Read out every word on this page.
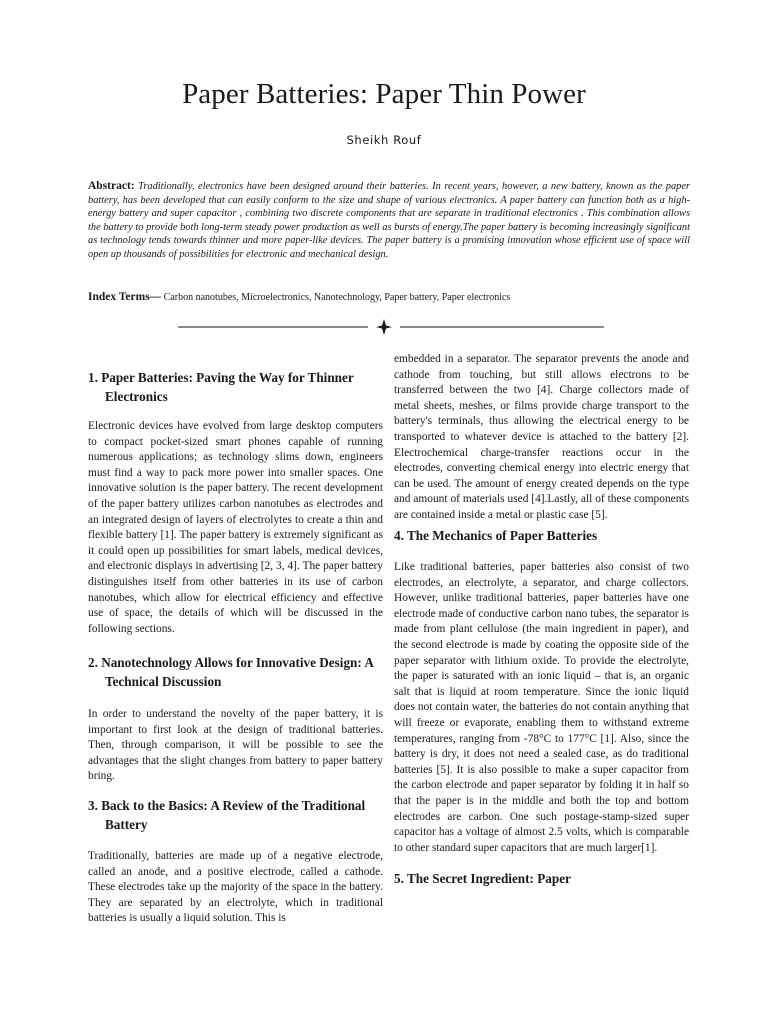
Paper Batteries: Paper Thin Power
Sheikh Rouf

Abstract: Traditionally, electronics have been designed around their batteries. In recent years, however, a new battery, known as the paper battery, has been developed that can easily conform to the size and shape of various electronics. A paper battery can function both as a high-energy battery and super capacitor , combining two discrete components that are separate in traditional electronics . This combination allows the battery to provide both long-term steady power production as well as bursts of energy.The paper battery is becoming increasingly significant as technology tends towards thinner and more paper-like devices. The paper battery is a promising innovation whose efficient use of space will open up thousands of possibilities for electronic and mechanical design.

Index Terms— Carbon nanotubes, Microelectronics, Nanotechnology, Paper battery, Paper electronics

1. Paper Batteries: Paving the Way for Thinner Electronics

Electronic devices have evolved from large desktop computers to compact pocket-sized smart phones capable of running numerous applications; as technology slims down, engineers must find a way to pack more power into smaller spaces. One innovative solution is the paper battery. The recent development of the paper battery utilizes carbon nanotubes as electrodes and an integrated design of layers of electrolytes to create a thin and flexible battery [1]. The paper battery is extremely significant as it could open up possibilities for smart labels, medical devices, and electronic displays in advertising [2, 3, 4]. The paper battery distinguishes itself from other batteries in its use of carbon nanotubes, which allow for electrical efficiency and effective use of space, the details of which will be discussed in the following sections.

2. Nanotechnology Allows for Innovative Design: A Technical Discussion

In order to understand the novelty of the paper battery, it is important to first look at the design of traditional batteries. Then, through comparison, it will be possible to see the advantages that the slight changes from battery to paper battery bring.

3. Back to the Basics: A Review of the Traditional Battery

Traditionally, batteries are made up of a negative electrode, called an anode, and a positive electrode, called a cathode. These electrodes take up the majority of the space in the battery. They are separated by an electrolyte, which in traditional batteries is usually a liquid solution. This is

embedded in a separator. The separator prevents the anode and cathode from touching, but still allows electrons to be transferred between the two [4]. Charge collectors made of metal sheets, meshes, or films provide charge transport to the battery's terminals, thus allowing the electrical energy to be transported to whatever device is attached to the battery [2]. Electrochemical charge-transfer reactions occur in the electrodes, converting chemical energy into electric energy that can be used. The amount of energy created depends on the type and amount of materials used [4].Lastly, all of these components are contained inside a metal or plastic case [5].

4. The Mechanics of Paper Batteries

Like traditional batteries, paper batteries also consist of two electrodes, an electrolyte, a separator, and charge collectors. However, unlike traditional batteries, paper batteries have one electrode made of conductive carbon nano tubes, the separator is made from plant cellulose (the main ingredient in paper), and the second electrode is made by coating the opposite side of the paper separator with lithium oxide. To provide the electrolyte, the paper is saturated with an ionic liquid – that is, an organic salt that is liquid at room temperature. Since the ionic liquid does not contain water, the batteries do not contain anything that will freeze or evaporate, enabling them to withstand extreme temperatures, ranging from -78°C to 177°C [1]. Also, since the battery is dry, it does not need a sealed case, as do traditional batteries [5]. It is also possible to make a super capacitor from the carbon electrode and paper separator by folding it in half so that the paper is in the middle and both the top and bottom electrodes are carbon. One such postage-stamp-sized super capacitor has a voltage of almost 2.5 volts, which is comparable to other standard super capacitors that are much larger[1].

5. The Secret Ingredient: Paper
